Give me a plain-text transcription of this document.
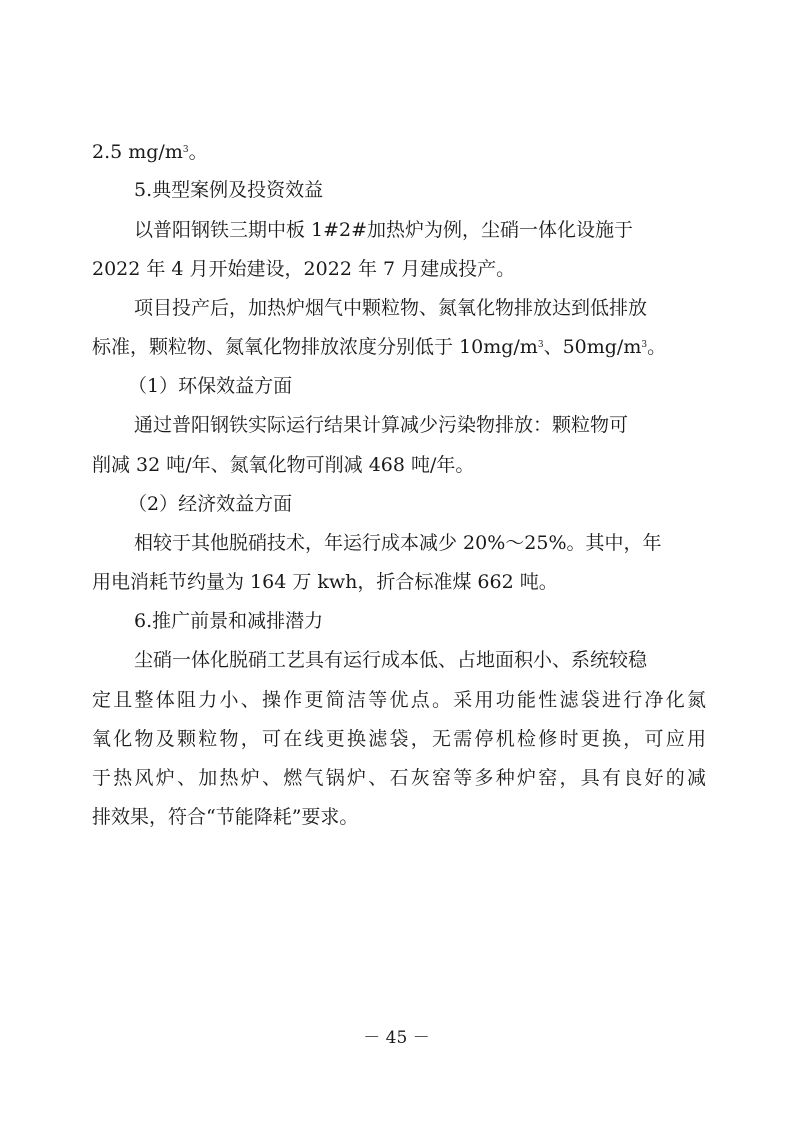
2.5 $mg/m^3$。
5.典型案例及投资效益
以普阳钢铁三期中板 1#2#加热炉为例，尘硝一体化设施于
2022 年 4 月开始建设，2022 年 7 月建成投产。
项目投产后，加热炉烟气中颗粒物、氮氧化物排放达到低排放
标准，颗粒物、氮氧化物排放浓度分别低于 $10mg/m^3$、$50mg/m^3$。
（1）环保效益方面
通过普阳钢铁实际运行结果计算减少污染物排放：颗粒物可
削减 32 吨/年、氮氧化物可削减 468 吨/年。
（2）经济效益方面
相较于其他脱硝技术，年运行成本减少 20%～25%。其中，年
用电消耗节约量为 164 万 kwh，折合标准煤 662 吨。
6.推广前景和减排潜力
尘硝一体化脱硝工艺具有运行成本低、占地面积小、系统较稳
定且整体阻力小、操作更简洁等优点。采用功能性滤袋进行净化氮
氧化物及颗粒物，可在线更换滤袋，无需停机检修时更换，可应用
于热风炉、加热炉、燃气锅炉、石灰窑等多种炉窑，具有良好的减
排效果，符合“节能降耗”要求。
－ 45 －
